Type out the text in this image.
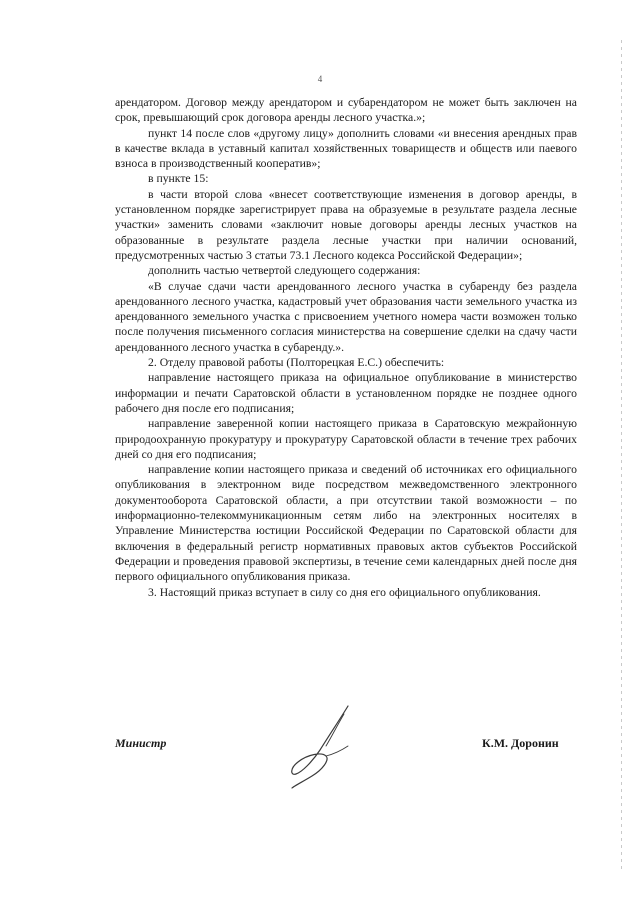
4

арендатором. Договор между арендатором и субарендатором не может быть заключен на срок, превышающий срок договора аренды лесного участка.»;

пункт 14 после слов «другому лицу» дополнить словами «и внесения арендных прав в качестве вклада в уставный капитал хозяйственных товариществ и обществ или паевого взноса в производственный кооператив»;

в пункте 15:

в части второй слова «внесет соответствующие изменения в договор аренды, в установленном порядке зарегистрирует права на образуемые в результате раздела лесные участки» заменить словами «заключит новые договоры аренды лесных участков на образованные в результате раздела лесные участки при наличии оснований, предусмотренных частью 3 статьи 73.1 Лесного кодекса Российской Федерации»;

дополнить частью четвертой следующего содержания:

«В случае сдачи части арендованного лесного участка в субаренду без раздела арендованного лесного участка, кадастровый учет образования части земельного участка из арендованного земельного участка с присвоением учетного номера части возможен только после получения письменного согласия министерства на совершение сделки на сдачу части арендованного лесного участка в субаренду.».

2. Отделу правовой работы (Полторецкая Е.С.) обеспечить:

направление настоящего приказа на официальное опубликование в министерство информации и печати Саратовской области в установленном порядке не позднее одного рабочего дня после его подписания;

направление заверенной копии настоящего приказа в Саратовскую межрайонную природоохранную прокуратуру и прокуратуру Саратовской области в течение трех рабочих дней со дня его подписания;

направление копии настоящего приказа и сведений об источниках его официального опубликования в электронном виде посредством межведомственного электронного документооборота Саратовской области, а при отсутствии такой возможности – по информационно-телекоммуникационным сетям либо на электронных носителях в Управление Министерства юстиции Российской Федерации по Саратовской области для включения в федеральный регистр нормативных правовых актов субъектов Российской Федерации и проведения правовой экспертизы, в течение семи календарных дней после дня первого официального опубликования приказа.

3. Настоящий приказ вступает в силу со дня его официального опубликования.

Министр	К.М. Доронин
